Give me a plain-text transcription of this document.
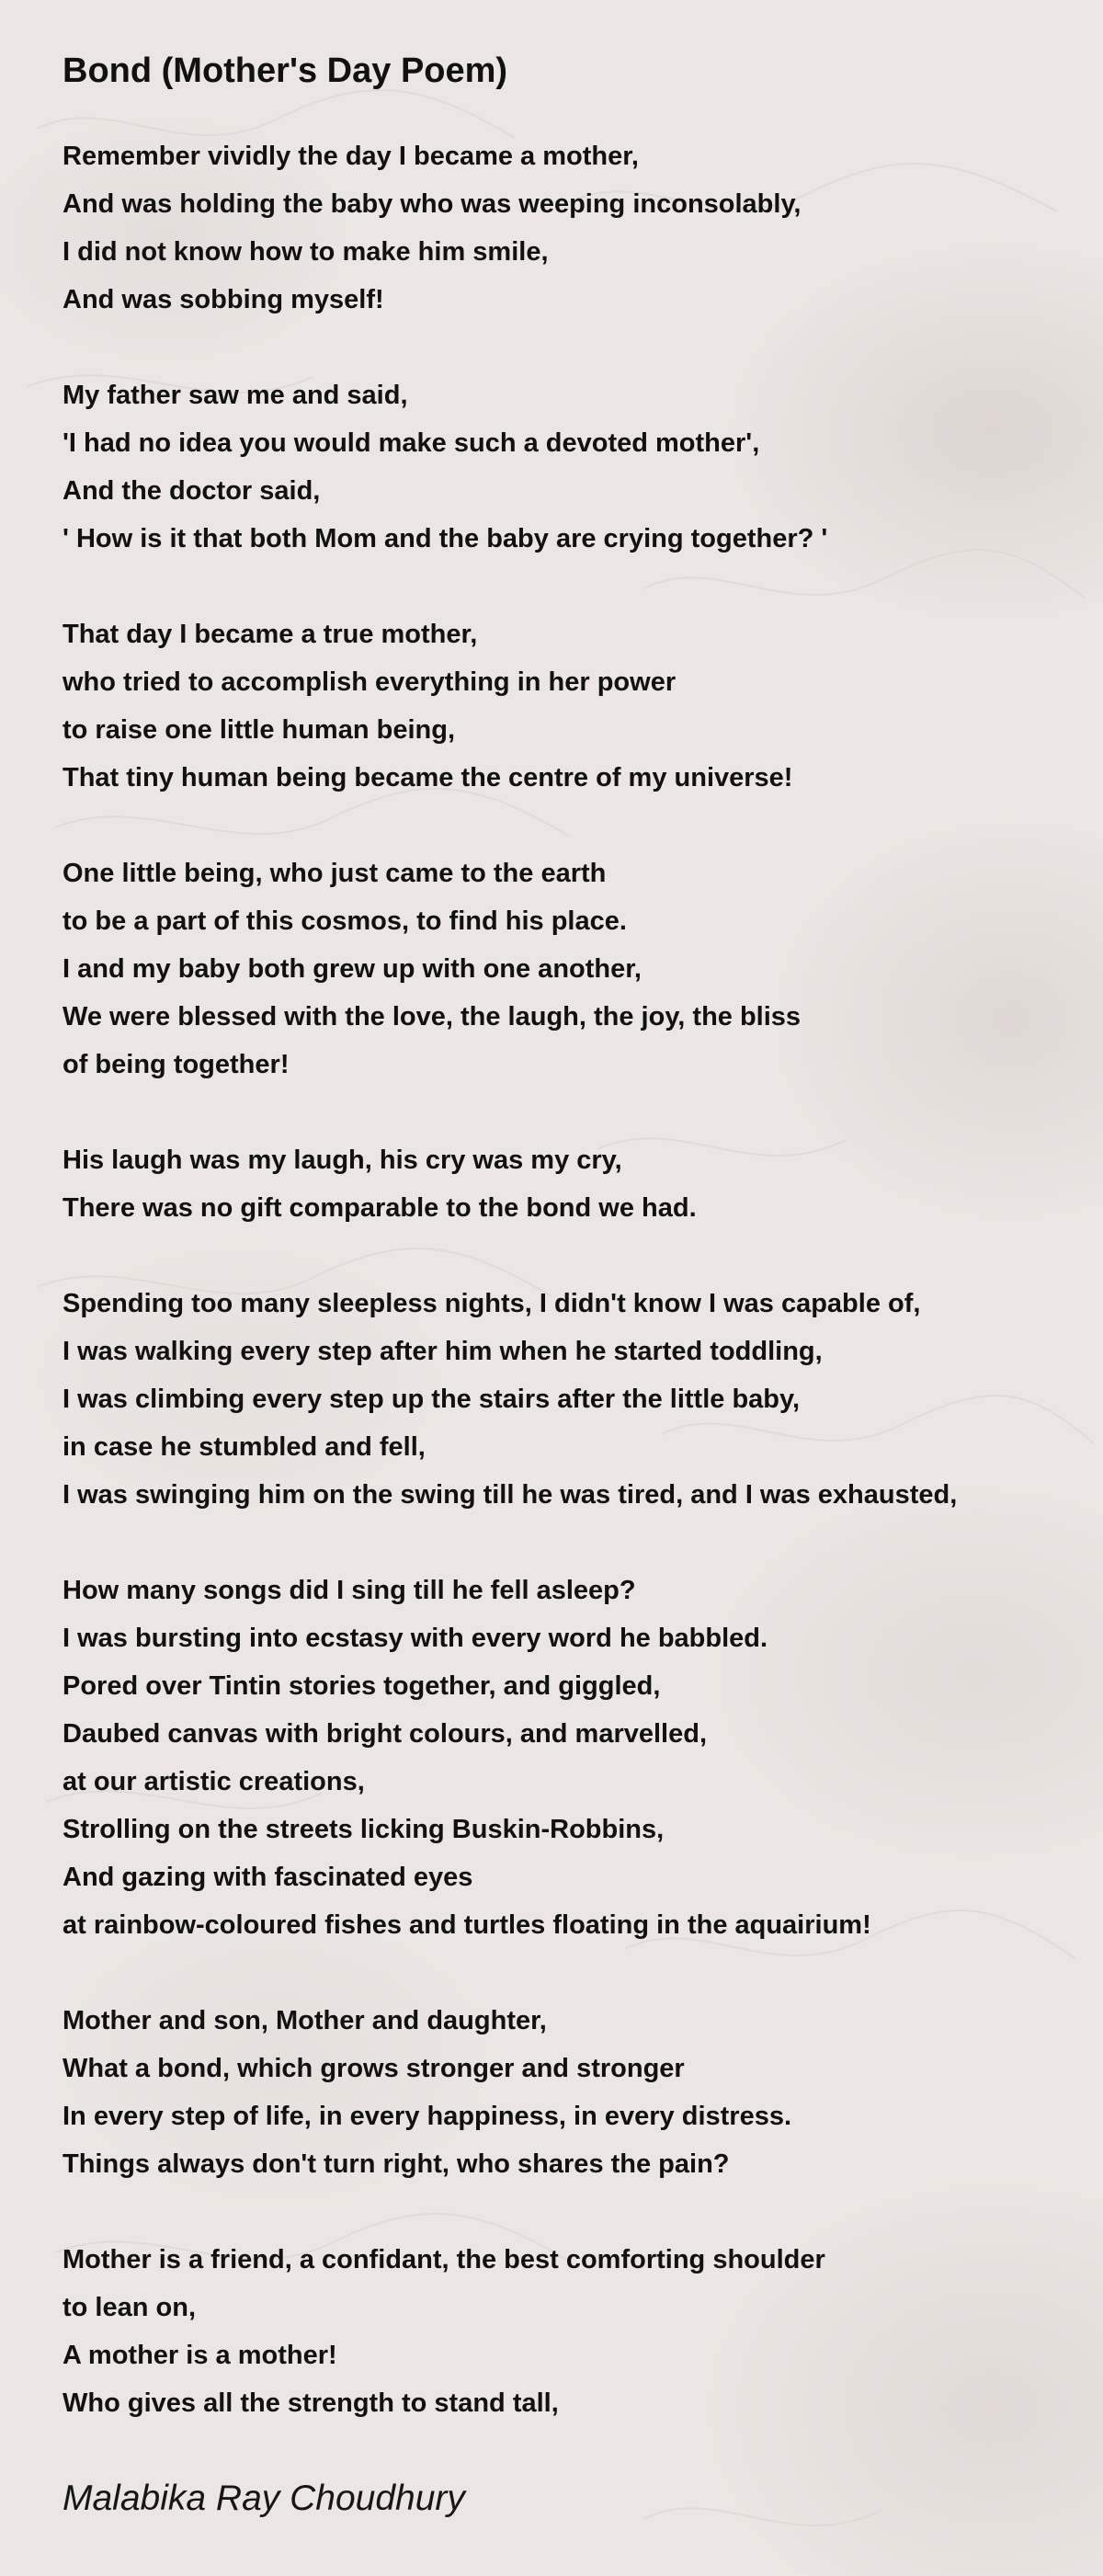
Bond (Mother's Day Poem)
Remember vividly the day I became a mother,
And was holding the baby who was weeping inconsolably,
I did not know how to make him smile,
And was sobbing myself!
My father saw me and said,
'I had no idea you would make such a devoted mother',
And the doctor said,
' How is it that both Mom and the baby are crying together? '
That day I became a true mother,
who tried to accomplish everything in her power
to raise one little human being,
That tiny human being became the centre of my universe!
One little being, who just came to the earth
to be a part of this cosmos, to find his place.
I and my baby both grew up with one another,
We were blessed with the love, the laugh, the joy, the bliss
of being together!
His laugh was my laugh, his cry was my cry,
There was no gift comparable to the bond we had.
Spending too many sleepless nights, I didn't know I was capable of,
I was walking every step after him when he started toddling,
I was climbing every step up the stairs after the little baby,
in case he stumbled and fell,
I was swinging him on the swing till he was tired, and I was exhausted,
How many songs did I sing till he fell asleep?
I was bursting into ecstasy with every word he babbled.
Pored over Tintin stories together, and giggled,
Daubed canvas with bright colours, and marvelled,
at our artistic creations,
Strolling on the streets licking Buskin-Robbins,
And gazing with fascinated eyes
at rainbow-coloured fishes and turtles floating in the aquairium!
Mother and son, Mother and daughter,
What a bond, which grows stronger and stronger
In every step of life, in every happiness, in every distress.
Things always don't turn right, who shares the pain?
Mother is a friend, a confidant, the best comforting shoulder
to lean on,
A mother is a mother!
Who gives all the strength to stand tall,
Malabika Ray Choudhury
